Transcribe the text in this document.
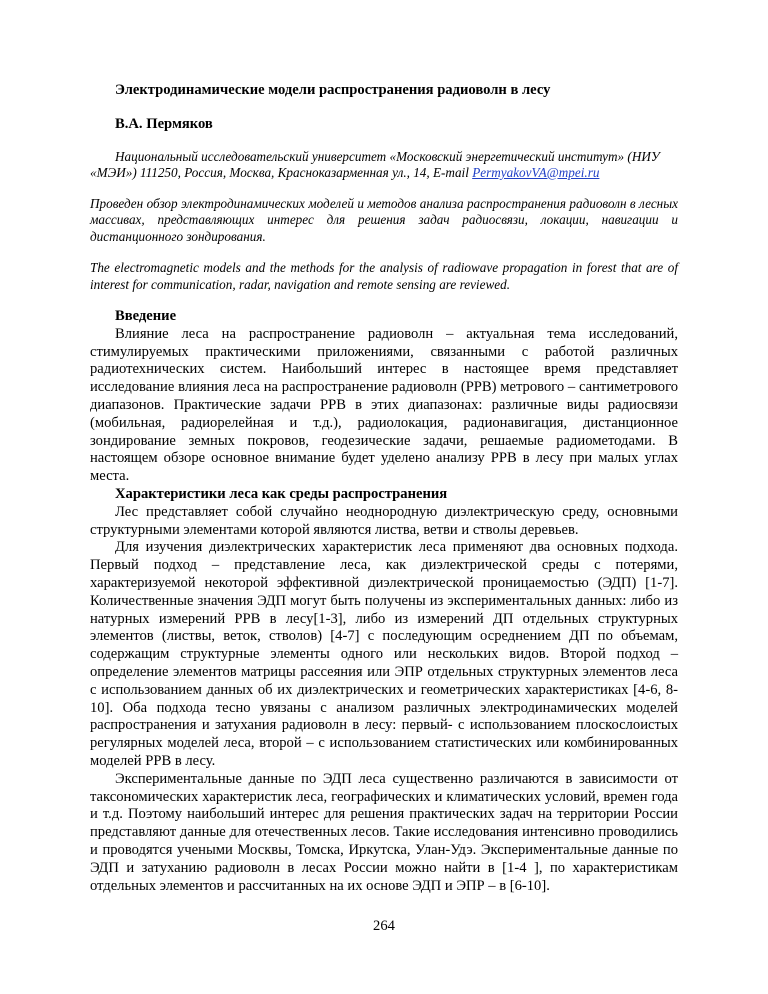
Электродинамические модели распространения радиоволн в лесу
В.А. Пермяков
Национальный исследовательский университет «Московский энергетический институт» (НИУ «МЭИ») 111250, Россия, Москва, Красноказарменная ул., 14, E-mail PermyakovVA@mpei.ru
Проведен обзор электродинамических моделей и методов анализа распространения радиоволн в лесных массивах, представляющих интерес для решения задач радиосвязи, локации, навигации и дистанционного зондирования.
The electromagnetic models and the methods for the analysis of radiowave propagation in forest that are of interest for communication, radar, navigation and remote sensing are reviewed.
Введение

Влияние леса на распространение радиоволн – актуальная тема исследований, стимулируемых практическими приложениями, связанными с работой различных радиотехнических систем. Наибольший интерес в настоящее время представляет исследование влияния леса на распространение радиоволн (РРВ) метрового – сантиметрового диапазонов. Практические задачи РРВ в этих диапазонах: различные виды радиосвязи (мобильная, радиорелейная и т.д.), радиолокация, радионавигация, дистанционное зондирование земных покровов, геодезические задачи, решаемые радиометодами. В настоящем обзоре основное внимание будет уделено анализу РРВ в лесу при малых углах места.

Характеристики леса как среды распространения

Лес представляет собой случайно неоднородную диэлектрическую среду, основными структурными элементами которой являются листва, ветви и стволы деревьев.

Для изучения диэлектрических характеристик леса применяют два основных подхода. Первый подход – представление леса, как диэлектрической среды с потерями, характеризуемой некоторой эффективной диэлектрической проницаемостью (ЭДП) [1-7]. Количественные значения ЭДП могут быть получены из экспериментальных данных: либо из натурных измерений РРВ в лесу[1-3], либо из измерений ДП отдельных структурных элементов (листвы, веток, стволов) [4-7] с последующим осреднением ДП по объемам, содержащим структурные элементы одного или нескольких видов. Второй подход – определение элементов матрицы рассеяния или ЭПР отдельных структурных элементов леса с использованием данных об их диэлектрических и геометрических характеристиках [4-6, 8-10]. Оба подхода тесно увязаны с анализом различных электродинамических моделей распространения и затухания радиоволн в лесу: первый- с использованием плоскослоистых регулярных моделей леса, второй – с использованием статистических или комбинированных моделей РРВ в лесу.

Экспериментальные данные по ЭДП леса существенно различаются в зависимости от таксономических характеристик леса, географических и климатических условий, времен года и т.д. Поэтому наибольший интерес для решения практических задач на территории России представляют данные для отечественных лесов. Такие исследования интенсивно проводились и проводятся учеными Москвы, Томска, Иркутска, Улан-Удэ. Экспериментальные данные по ЭДП и затуханию радиоволн в лесах России можно найти в [1-4 ], по характеристикам отдельных элементов и рассчитанных на их основе ЭДП и ЭПР – в [6-10].

264
